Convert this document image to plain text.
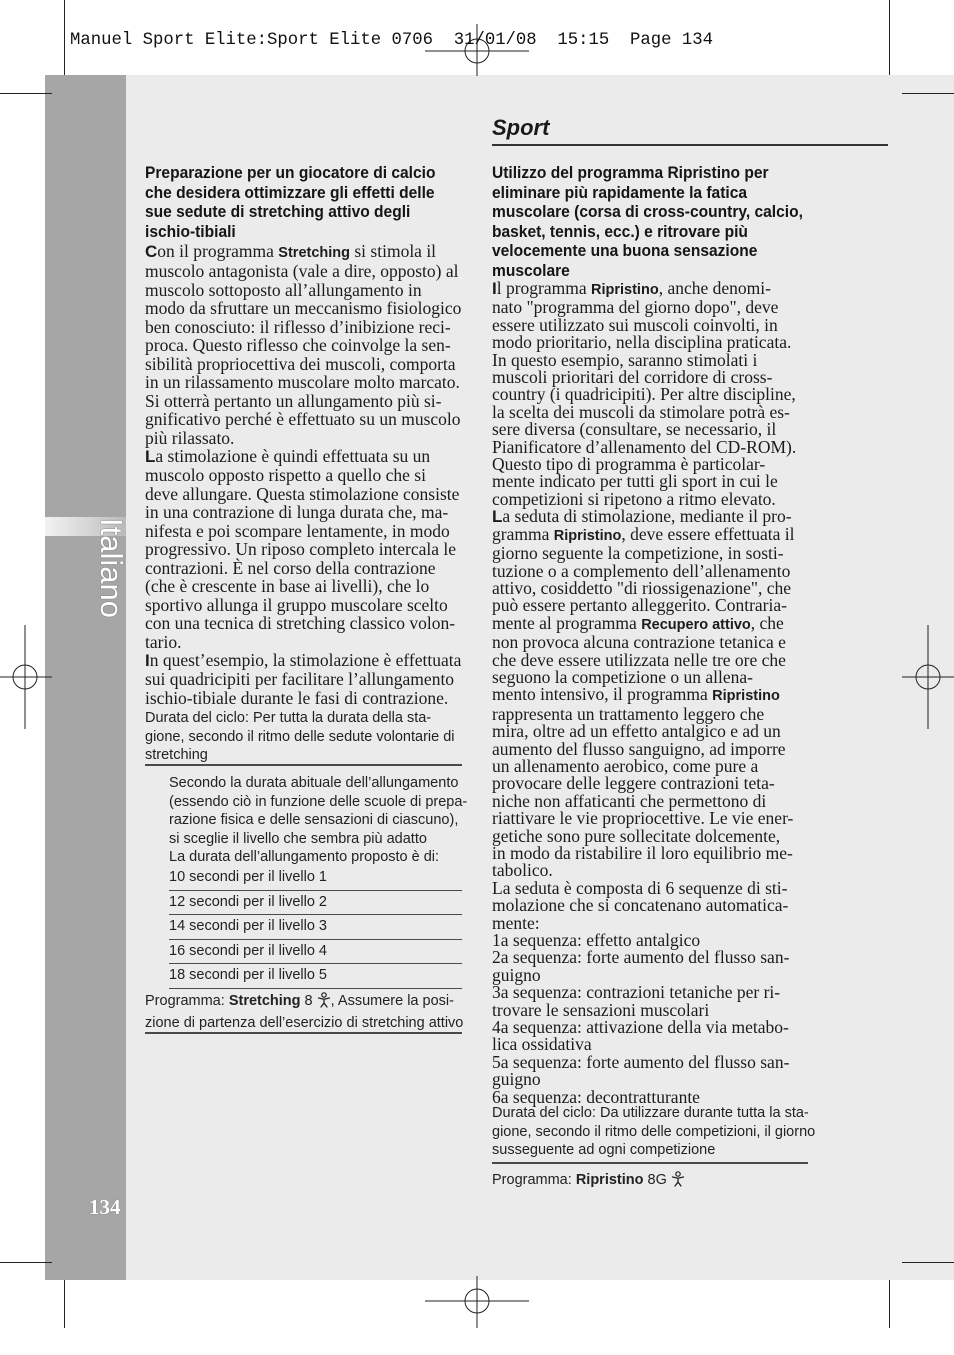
Italiano
134
Manuel Sport Elite:Sport Elite 0706  31/01/08  15:15  Page 134
Sport
Preparazione per un giocatore di calcio
che desidera ottimizzare gli effetti delle
sue sedute di stretching attivo degli
ischio-tibiali
Con il programma Stretching si stimola il
muscolo antagonista (vale a dire, opposto) al
muscolo sottoposto all’allungamento in
modo da sfruttare un meccanismo fisiologico
ben conosciuto: il riflesso d’inibizione reci-
proca. Questo riflesso che coinvolge la sen-
sibilità propriocettiva dei muscoli, comporta
in un rilassamento muscolare molto marcato.
Si otterrà pertanto un allungamento più si-
gnificativo perché è effettuato su un muscolo
più rilassato.
La stimolazione è quindi effettuata su un
muscolo opposto rispetto a quello che si
deve allungare. Questa stimolazione consiste
in una contrazione di lunga durata che, ma-
nifesta e poi scompare lentamente, in modo
progressivo. Un riposo completo intercala le
contrazioni. È nel corso della contrazione
(che è crescente in base ai livelli), che lo
sportivo allunga il gruppo muscolare scelto
con una tecnica di stretching classico volon-
tario.
In quest’esempio, la stimolazione è effettuata
sui quadricipiti per facilitare l’allungamento
ischio-tibiale durante le fasi di contrazione.
Durata del ciclo: Per tutta la durata della sta-
gione, secondo il ritmo delle sedute volontarie di
stretching
Secondo la durata abituale dell’allungamento
(essendo ciò in funzione delle scuole di prepa-
razione fisica e delle sensazioni di ciascuno),
si sceglie il livello che sembra più adatto
La durata dell’allungamento proposto è di:
10 secondi per il livello 1
12 secondi per il livello 2
14 secondi per il livello 3
16 secondi per il livello 4
18 secondi per il livello 5
Programma: Stretching 8 , Assumere la posi-
zione di partenza dell’esercizio di stretching attivo
Utilizzo del programma Ripristino per
eliminare più rapidamente la fatica
muscolare (corsa di cross-country, calcio,
basket, tennis, ecc.) e ritrovare più
velocemente una buona sensazione
muscolare
Il programma Ripristino, anche denomi-
nato "programma del giorno dopo", deve
essere utilizzato sui muscoli coinvolti, in
modo prioritario, nella disciplina praticata.
In questo esempio, saranno stimolati i
muscoli prioritari del corridore di cross-
country (i quadricipiti). Per altre discipline,
la scelta dei muscoli da stimolare potrà es-
sere diversa (consultare, se necessario, il
Pianificatore d’allenamento del CD-ROM).
Questo tipo di programma è particolar-
mente indicato per tutti gli sport in cui le
competizioni si ripetono a ritmo elevato.
La seduta di stimolazione, mediante il pro-
gramma Ripristino, deve essere effettuata il
giorno seguente la competizione, in sosti-
tuzione o a complemento dell’allenamento
attivo, cosiddetto "di riossigenazione", che
può essere pertanto alleggerito. Contraria-
mente al programma Recupero attivo, che
non provoca alcuna contrazione tetanica e
che deve essere utilizzata nelle tre ore che
seguono la competizione o un allena-
mento intensivo, il programma Ripristino
rappresenta un trattamento leggero che
mira, oltre ad un effetto antalgico e ad un
aumento del flusso sanguigno, ad imporre
un allenamento aerobico, come pure a
provocare delle leggere contrazioni teta-
niche non affaticanti che permettono di
riattivare le vie propriocettive. Le vie ener-
getiche sono pure sollecitate dolcemente,
in modo da ristabilire il loro equilibrio me-
tabolico.
La seduta è composta di 6 sequenze di sti-
molazione che si concatenano automatica-
mente:
1a sequenza: effetto antalgico
2a sequenza: forte aumento del flusso san-
guigno
3a sequenza: contrazioni tetaniche per ri-
trovare le sensazioni muscolari
4a sequenza: attivazione della via metabo-
lica ossidativa
5a sequenza: forte aumento del flusso san-
guigno
6a sequenza: decontratturante
Durata del ciclo: Da utilizzare durante tutta la sta-
gione, secondo il ritmo delle competizioni, il giorno
susseguente ad ogni competizione
Programma: Ripristino 8G
